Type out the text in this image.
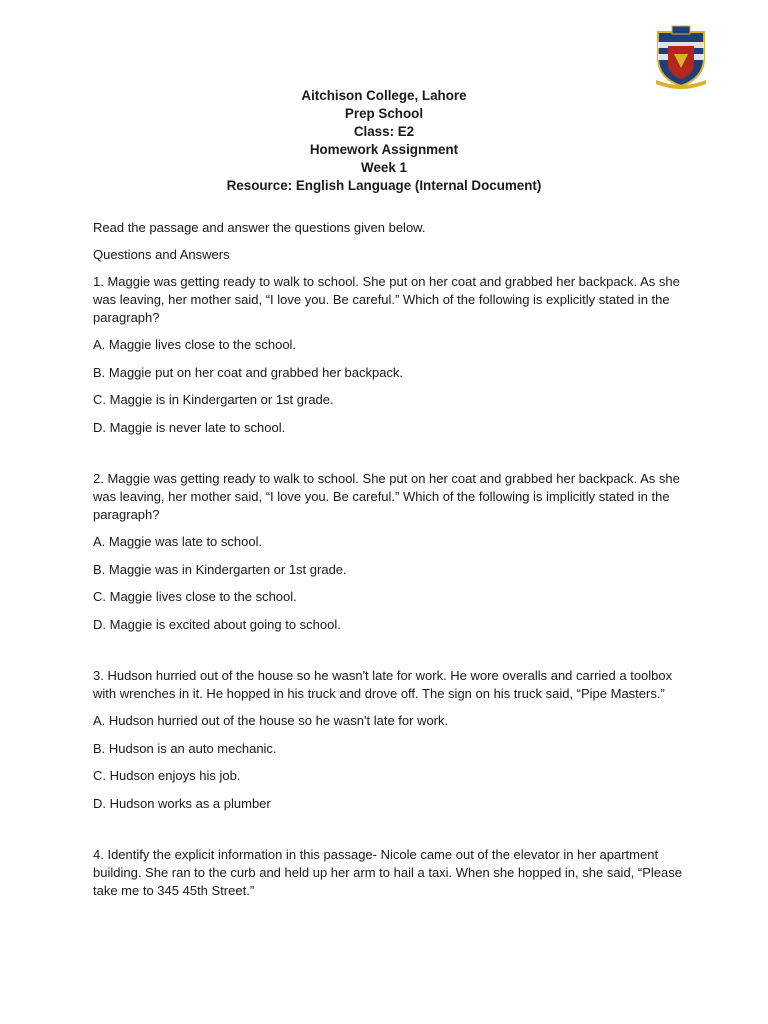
Aitchison College, Lahore
Prep School
Class: E2
Homework Assignment
Week 1
Resource: English Language (Internal Document)

Read the passage and answer the questions given below.

Questions and Answers

1. Maggie was getting ready to walk to school. She put on her coat and grabbed her backpack. As she was leaving, her mother said, “I love you. Be careful.” Which of the following is explicitly stated in the paragraph?

A. Maggie lives close to the school.

B. Maggie put on her coat and grabbed her backpack.

C. Maggie is in Kindergarten or 1st grade.

D. Maggie is never late to school.

2. Maggie was getting ready to walk to school. She put on her coat and grabbed her backpack. As she was leaving, her mother said, “I love you. Be careful.” Which of the following is implicitly stated in the paragraph?

A. Maggie was late to school.

B. Maggie was in Kindergarten or 1st grade.

C. Maggie lives close to the school.

D. Maggie is excited about going to school.

3. Hudson hurried out of the house so he wasn't late for work. He wore overalls and carried a toolbox with wrenches in it. He hopped in his truck and drove off. The sign on his truck said, “Pipe Masters.”

A. Hudson hurried out of the house so he wasn't late for work.

B. Hudson is an auto mechanic.

C. Hudson enjoys his job.

D. Hudson works as a plumber

4. Identify the explicit information in this passage- Nicole came out of the elevator in her apartment building. She ran to the curb and held up her arm to hail a taxi. When she hopped in, she said, “Please take me to 345 45th Street.”
